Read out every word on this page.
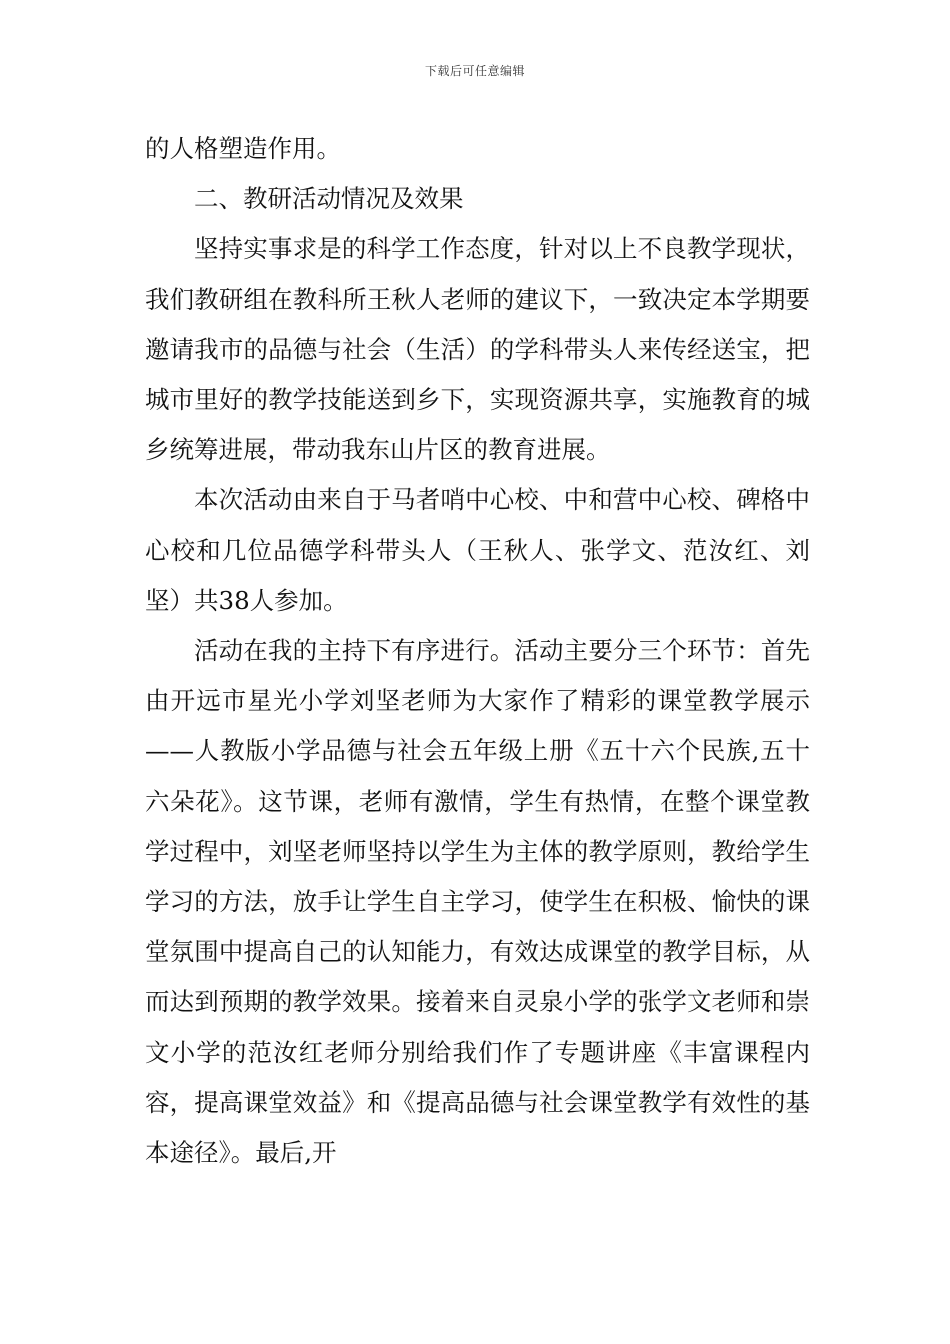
下载后可任意编辑

的人格塑造作用。

二、教研活动情况及效果

坚持实事求是的科学工作态度，针对以上不良教学现状，我们教研组在教科所王秋人老师的建议下，一致决定本学期要邀请我市的品德与社会（生活）的学科带头人来传经送宝，把城市里好的教学技能送到乡下，实现资源共享，实施教育的城乡统筹进展，带动我东山片区的教育进展。

本次活动由来自于马者哨中心校、中和营中心校、碑格中心校和几位品德学科带头人（王秋人、张学文、范汝红、刘坚）共38人参加。

活动在我的主持下有序进行。活动主要分三个环节：首先由开远市星光小学刘坚老师为大家作了精彩的课堂教学展示——人教版小学品德与社会五年级上册《五十六个民族,五十六朵花》。这节课，老师有激情，学生有热情，在整个课堂教学过程中，刘坚老师坚持以学生为主体的教学原则，教给学生学习的方法，放手让学生自主学习，使学生在积极、愉快的课堂氛围中提高自己的认知能力，有效达成课堂的教学目标，从而达到预期的教学效果。接着来自灵泉小学的张学文老师和崇文小学的范汝红老师分别给我们作了专题讲座《丰富课程内容，提高课堂效益》和《提高品德与社会课堂教学有效性的基本途径》。最后,开
